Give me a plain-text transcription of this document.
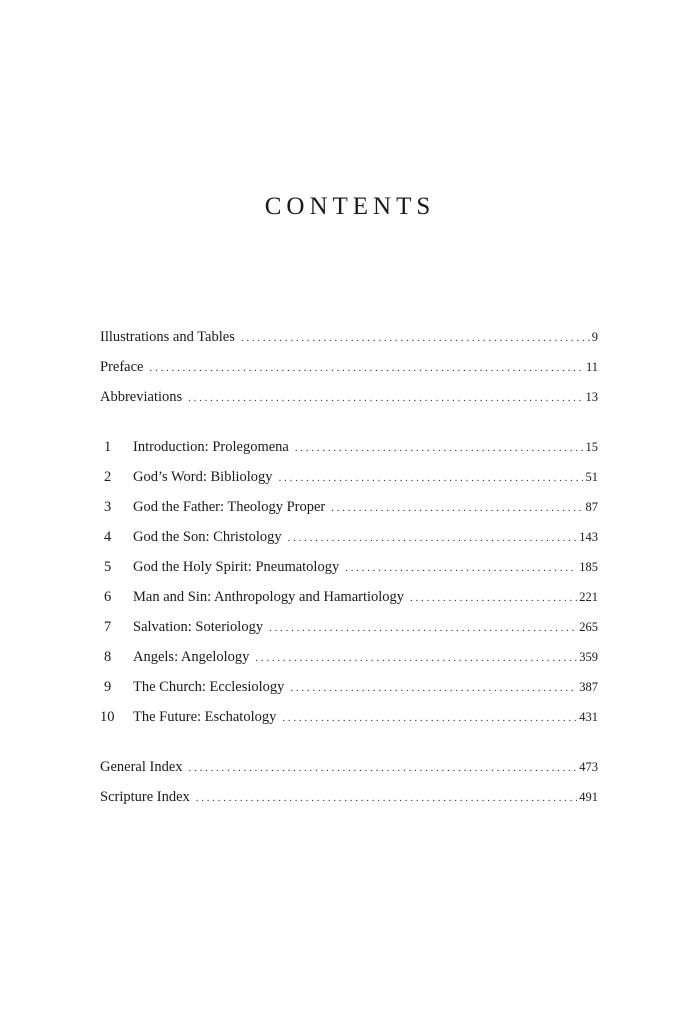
CONTENTS
Illustrations and Tables . . .	9
Preface . . .	11
Abbreviations . . .	13
1	Introduction: Prolegomena . . .	15
2	God’s Word: Bibliology . . .	51
3	God the Father: Theology Proper . . .	87
4	God the Son: Christology . . .	143
5	God the Holy Spirit: Pneumatology . . .	185
6	Man and Sin: Anthropology and Hamartiology . . .	221
7	Salvation: Soteriology . . .	265
8	Angels: Angelology . . .	359
9	The Church: Ecclesiology . . .	387
10	The Future: Eschatology . . .	431
General Index . . .	473
Scripture Index . . .	491
